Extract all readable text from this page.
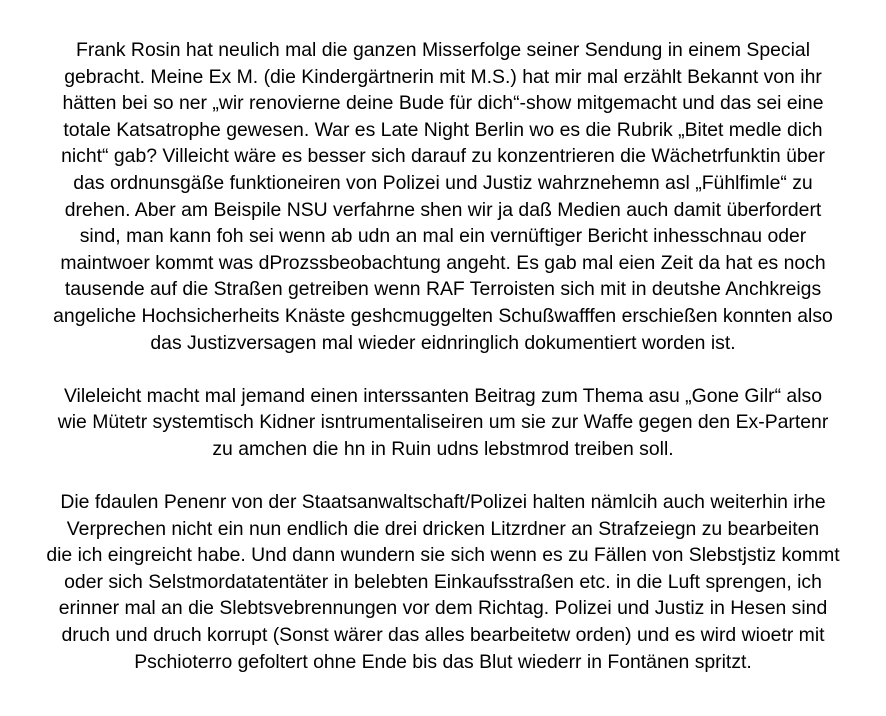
Frank Rosin hat neulich mal die ganzen Misserfolge seiner Sendung in einem Special
gebracht. Meine Ex M. (die Kindergärtnerin mit M.S.) hat mir mal erzählt Bekannt von ihr
hätten bei so ner „wir renovierne deine Bude für dich“-show mitgemacht und das sei eine
totale Katsatrophe gewesen. War es Late Night Berlin wo es die Rubrik „Bitet medle dich
nicht“ gab? Villeicht wäre es besser sich darauf zu konzentrieren die Wächetrfunktin über
das ordnunsgäße funktioneiren von Polizei und Justiz wahrznehemn asl „Fühlfimle“ zu
drehen. Aber am Beispile NSU verfahrne shen wir ja daß Medien auch damit überfordert
sind, man kann foh sei wenn ab udn an mal ein vernüftiger Bericht inhesschnau oder
maintwoer kommt was dProzssbeobachtung angeht. Es gab mal eien Zeit da hat es noch
tausende auf die Straßen getreiben wenn RAF Terroisten sich mit in deutshe Anchkreigs
angeliche Hochsicherheits Knäste geshcmuggelten Schußwafffen erschießen konnten also
das Justizversagen mal wieder eidnringlich dokumentiert worden ist.
Vileleicht macht mal jemand einen interssanten Beitrag zum Thema asu „Gone Gilr“ also
wie Mütetr systemtisch Kidner isntrumentaliseiren um sie zur Waffe gegen den Ex-Partenr
zu amchen die hn in Ruin udns lebstmrod treiben soll.
Die fdaulen Penenr von der Staatsanwaltschaft/Polizei halten nämlcih auch weiterhin irhe
Verprechen nicht ein nun endlich die drei dricken Litzrdner an Strafzeiegn zu bearbeiten
die ich eingreicht habe. Und dann wundern sie sich wenn es zu Fällen von Slebstjstiz kommt
oder sich Selstmordatatentäter in belebten Einkaufsstraßen etc. in die Luft sprengen, ich
erinner mal an die Slebtsvebrennungen vor dem Richtag. Polizei und Justiz in Hesen sind
druch und druch korrupt (Sonst wärer das alles bearbeitetw orden) und es wird wioetr mit
Pschioterro gefoltert ohne Ende bis das Blut wiederr in Fontänen spritzt.
